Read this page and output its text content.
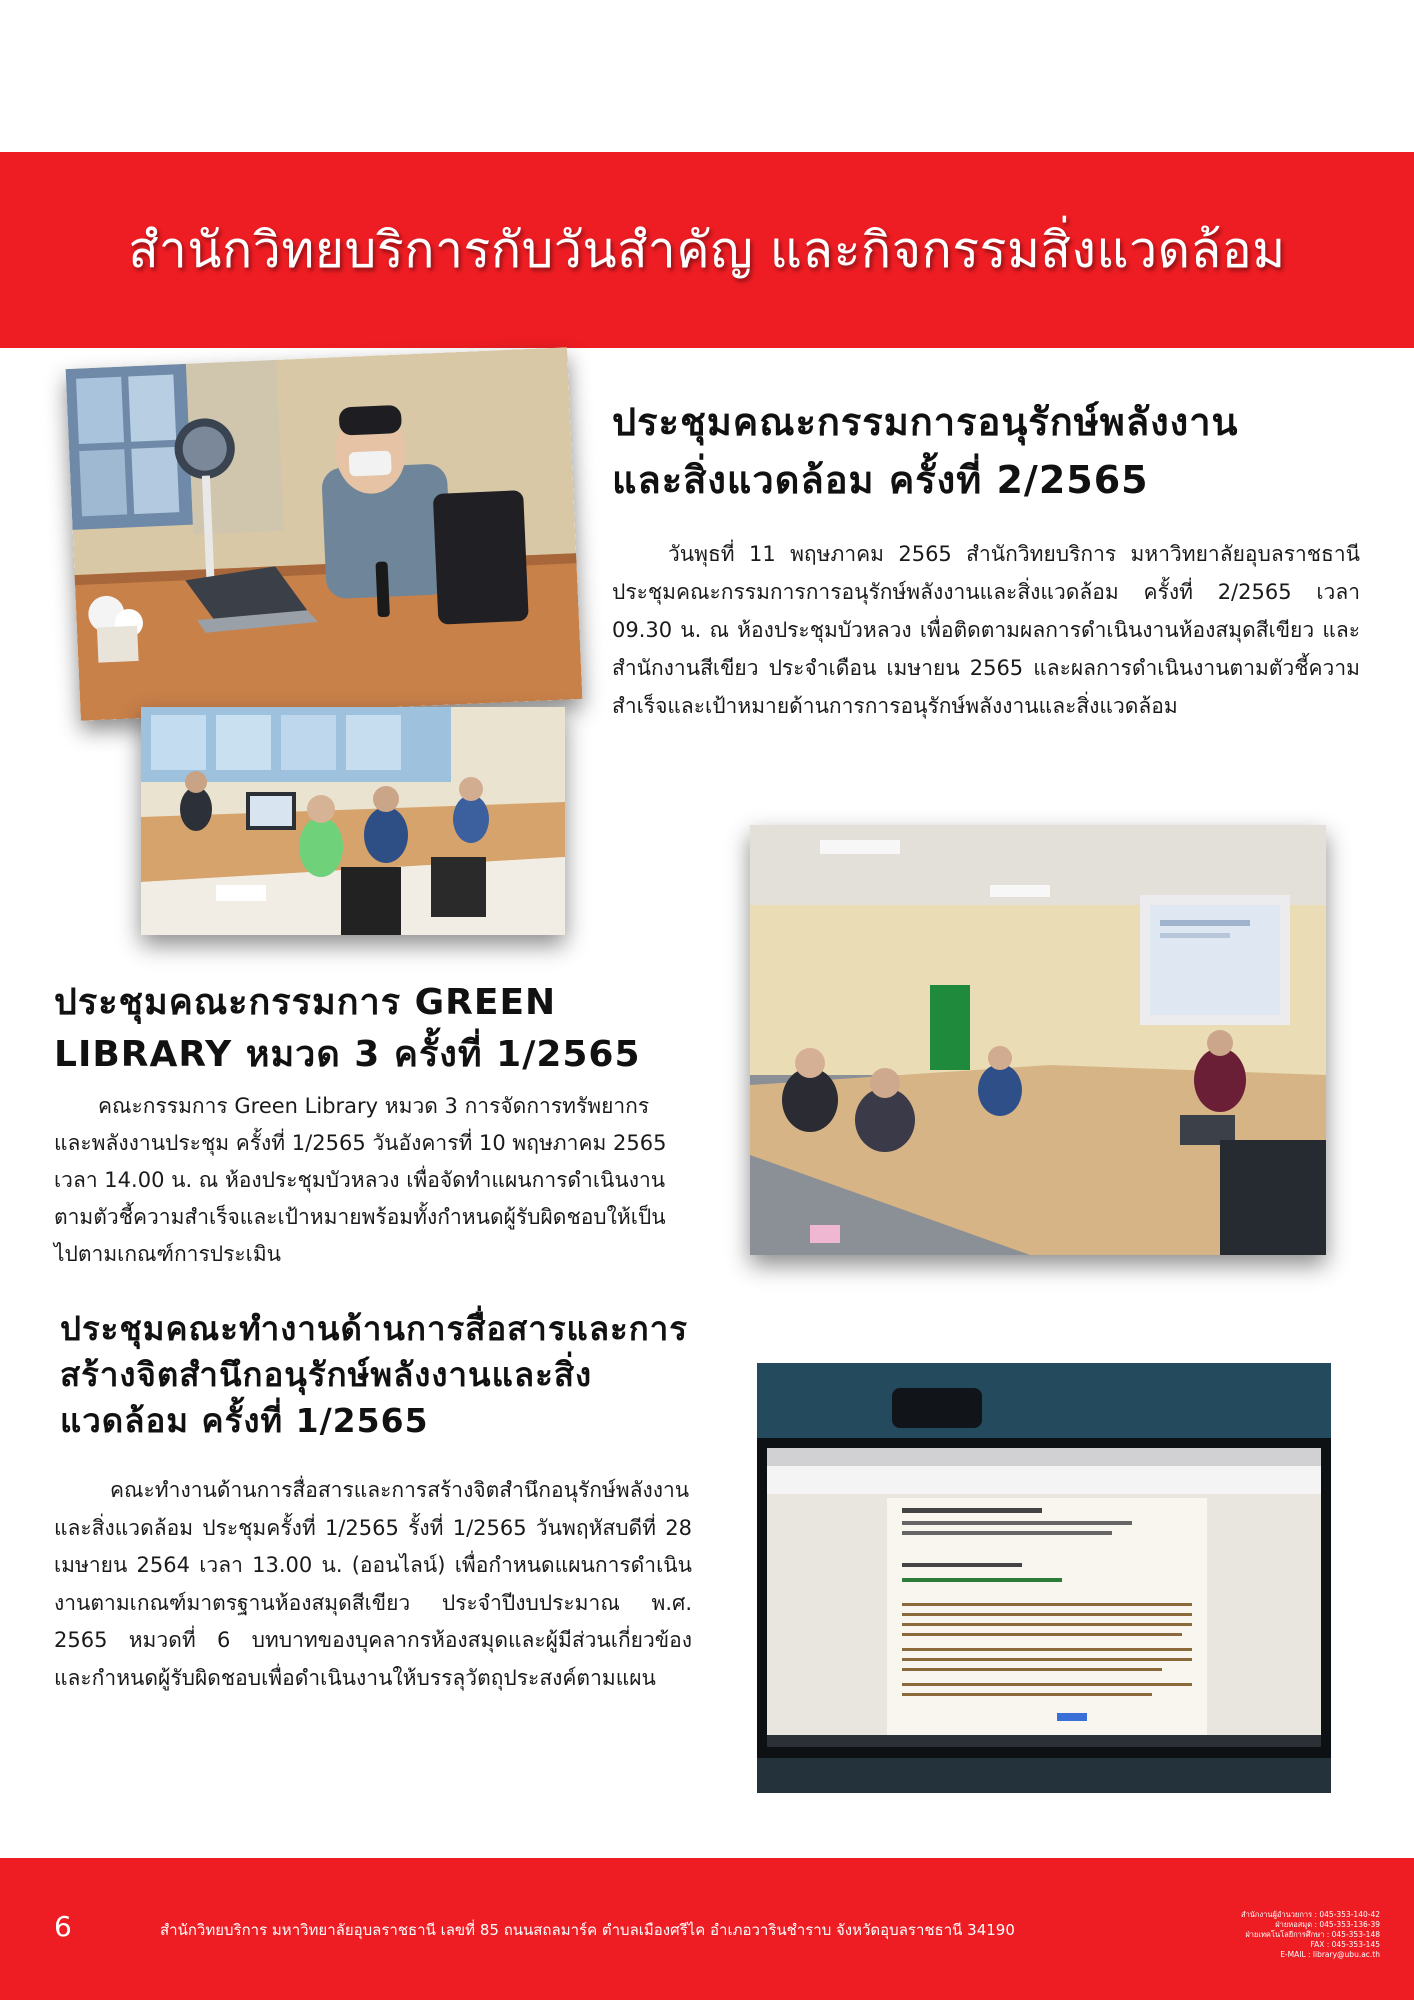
สำนักวิทยบริการกับวันสำคัญ และกิจกรรมสิ่งแวดล้อม
ประชุมคณะกรรมการอนุรักษ์พลังงาน
และสิ่งแวดล้อม ครั้งที่ 2/2565

วันพุธที่ 11 พฤษภาคม 2565 สำนักวิทยบริการ มหาวิทยาลัยอุบลราชธานี ประชุมคณะกรรมการการอนุรักษ์พลังงานและสิ่งแวดล้อม ครั้งที่ 2/2565 เวลา 09.30 น. ณ ห้องประชุมบัวหลวง เพื่อติดตามผลการดำเนินงานห้องสมุดสีเขียว และสำนักงานสีเขียว ประจำเดือน เมษายน 2565 และผลการดำเนินงานตามตัวชี้ความสำเร็จและเป้าหมายด้านการการอนุรักษ์พลังงานและสิ่งแวดล้อม

ประชุมคณะกรรมการ GREEN
LIBRARY หมวด 3 ครั้งที่ 1/2565

คณะกรรมการ Green Library หมวด 3 การจัดการทรัพยากรและพลังงานประชุม ครั้งที่ 1/2565 วันอังคารที่ 10 พฤษภาคม 2565 เวลา 14.00 น. ณ ห้องประชุมบัวหลวง เพื่อจัดทำแผนการดำเนินงานตามตัวชี้ความสำเร็จและเป้าหมายพร้อมทั้งกำหนดผู้รับผิดชอบให้เป็นไปตามเกณฑ์การประเมิน

ประชุมคณะทำงานด้านการสื่อสารและการ
สร้างจิตสำนึกอนุรักษ์พลังงานและสิ่ง
แวดล้อม ครั้งที่ 1/2565

คณะทำงานด้านการสื่อสารและการสร้างจิตสำนึกอนุรักษ์พลังงานและสิ่งแวดล้อม ประชุมครั้งที่ 1/2565 รั้งที่ 1/2565 วันพฤหัสบดีที่ 28 เมษายน 2564 เวลา 13.00 น. (ออนไลน์) เพื่อกำหนดแผนการดำเนินงานตามเกณฑ์มาตรฐานห้องสมุดสีเขียว ประจำปีงบประมาณ พ.ศ. 2565 หมวดที่ 6 บทบาทของบุคลากรห้องสมุดและผู้มีส่วนเกี่ยวข้อง และกำหนดผู้รับผิดชอบเพื่อดำเนินงานให้บรรลุวัตถุประสงค์ตามแผน

6	สำนักวิทยบริการ มหาวิทยาลัยอุบลราชธานี เลขที่ 85 ถนนสถลมาร์ค ตำบลเมืองศรีไค อำเภอวารินชำราบ จังหวัดอุบลราชธานี 34190
สำนักงานผู้อำนวยการ : 045-353-140-42
ฝ่ายหอสมุด : 045-353-136-39
ฝ่ายเทคโนโลยีการศึกษา : 045-353-148
FAX : 045-353-145
E-MAIL : library@ubu.ac.th
